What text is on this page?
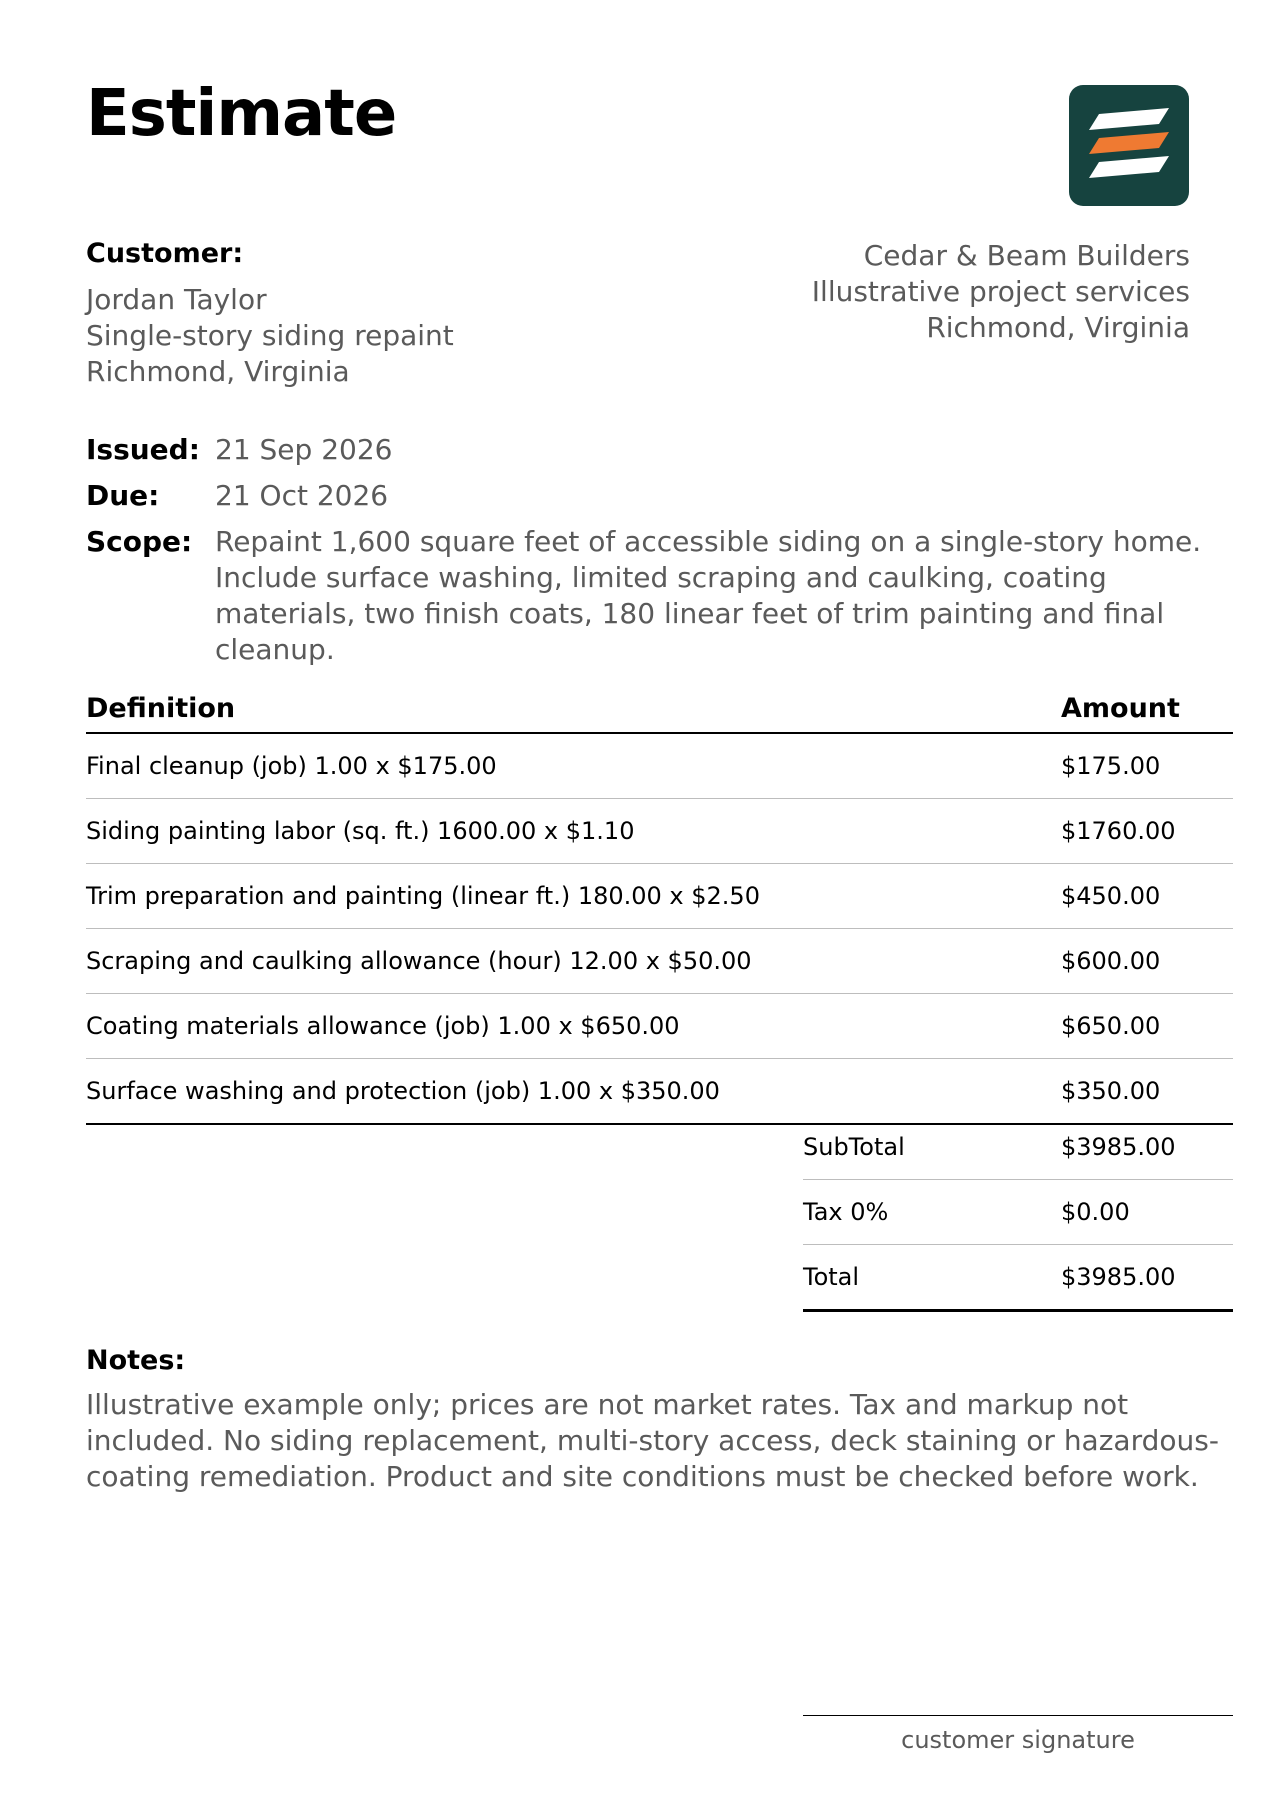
Estimate
Customer:
Jordan Taylor
Single-story siding repaint
Richmond, Virginia
Cedar & Beam Builders
Illustrative project services
Richmond, Virginia
Issued: 21 Sep 2026
Due:	21 Oct 2026
Scope: Repaint 1,600 square feet of accessible siding on a single-story home. Include surface washing, limited scraping and caulking, coating materials, two finish coats, 180 linear feet of trim painting and final cleanup.
Definition	Amount
Final cleanup (job) 1.00 x $175.00	$175.00
Siding painting labor (sq. ft.) 1600.00 x $1.10	$1760.00
Trim preparation and painting (linear ft.) 180.00 x $2.50	$450.00
Scraping and caulking allowance (hour) 12.00 x $50.00	$600.00
Coating materials allowance (job) 1.00 x $650.00	$650.00
Surface washing and protection (job) 1.00 x $350.00	$350.00
SubTotal	$3985.00
Tax 0%	$0.00
Total	$3985.00
Notes:
Illustrative example only; prices are not market rates. Tax and markup not included. No siding replacement, multi-story access, deck staining or hazardous-coating remediation. Product and site conditions must be checked before work.
customer signature
